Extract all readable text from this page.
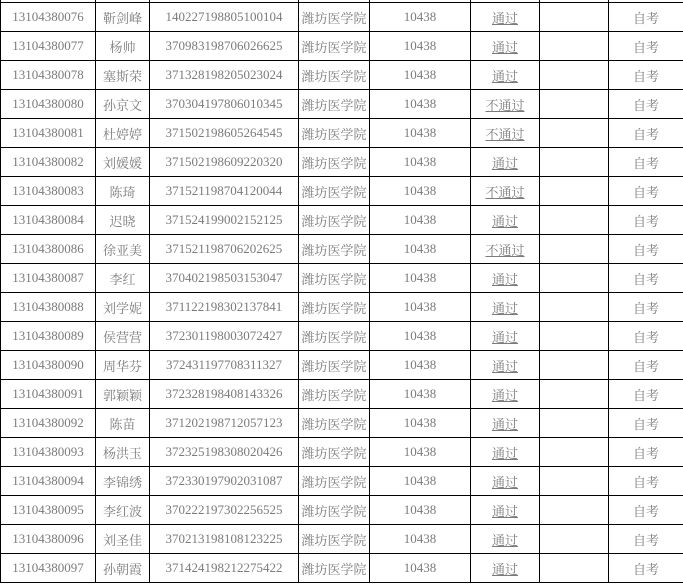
13104380076	靳剑峰	140227198805100104	潍坊医学院	10438	通过		自考
13104380077	杨帅	370983198706026625	潍坊医学院	10438	通过		自考
13104380078	塞斯荣	371328198205023024	潍坊医学院	10438	通过		自考
13104380080	孙京文	370304197806010345	潍坊医学院	10438	不通过		自考
13104380081	杜婷婷	371502198605264545	潍坊医学院	10438	不通过		自考
13104380082	刘媛媛	371502198609220320	潍坊医学院	10438	通过		自考
13104380083	陈琦	371521198704120044	潍坊医学院	10438	不通过		自考
13104380084	迟晓	371524199002152125	潍坊医学院	10438	通过		自考
13104380086	徐亚美	371521198706202625	潍坊医学院	10438	不通过		自考
13104380087	李红	370402198503153047	潍坊医学院	10438	通过		自考
13104380088	刘学妮	371122198302137841	潍坊医学院	10438	通过		自考
13104380089	侯营营	372301198003072427	潍坊医学院	10438	通过		自考
13104380090	周华芬	372431197708311327	潍坊医学院	10438	通过		自考
13104380091	郭颖颖	372328198408143326	潍坊医学院	10438	通过		自考
13104380092	陈苗	371202198712057123	潍坊医学院	10438	通过		自考
13104380093	杨洪玉	372325198308020426	潍坊医学院	10438	通过		自考
13104380094	李锦绣	372330197902031087	潍坊医学院	10438	通过		自考
13104380095	李红波	370222197302256525	潍坊医学院	10438	通过		自考
13104380096	刘圣佳	370213198108123225	潍坊医学院	10438	通过		自考
13104380097	孙朝霞	371424198212275422	潍坊医学院	10438	通过		自考
